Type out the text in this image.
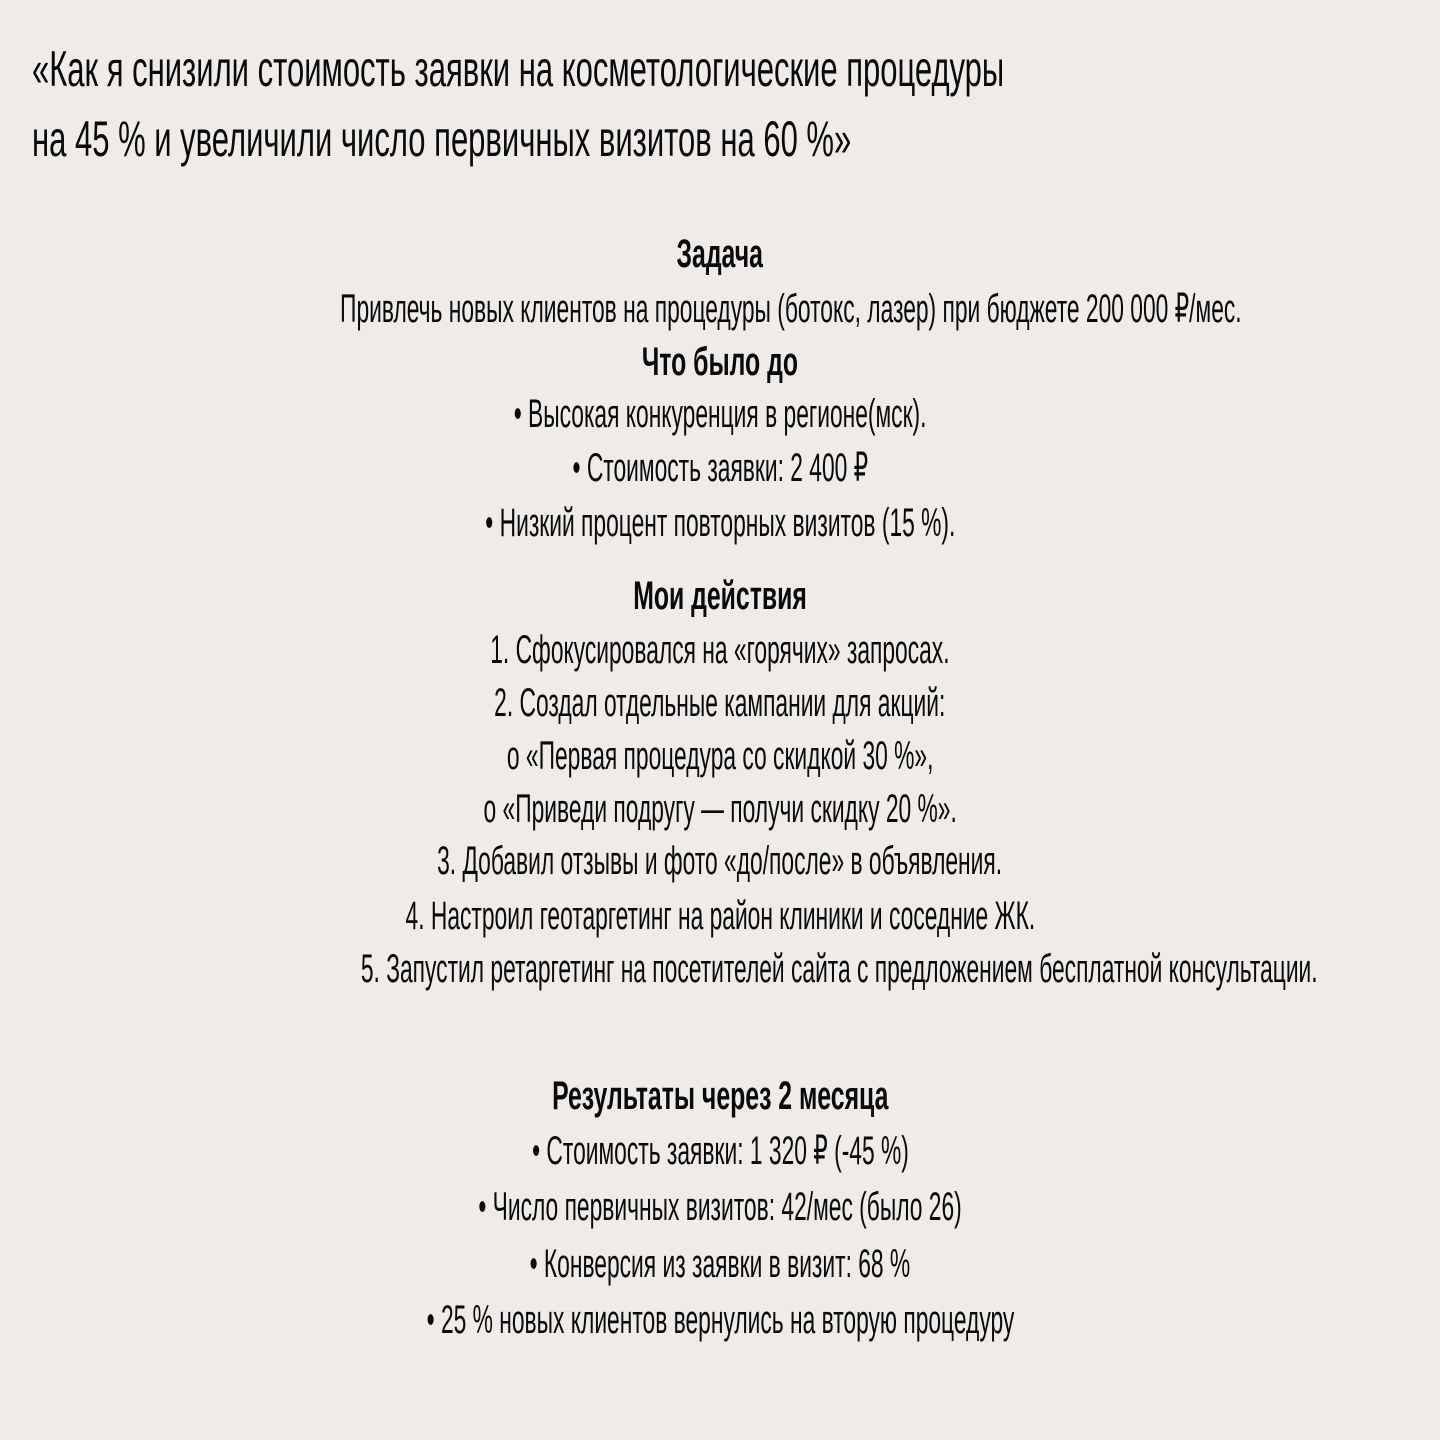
«Как я снизили стоимость заявки на косметологические процедуры
на 45 % и увеличили число первичных визитов на 60 %»
Задача
Привлечь новых клиентов на процедуры (ботокс, лазер) при бюджете 200 000 ₽/мес.
Что было до
• Высокая конкуренция в регионе(мск).
• Стоимость заявки: 2 400 ₽
• Низкий процент повторных визитов (15 %).
Мои действия
1. Сфокусировался на «горячих» запросах.
2. Создал отдельные кампании для акций:
o «Первая процедура со скидкой 30 %»,
o «Приведи подругу — получи скидку 20 %».
3. Добавил отзывы и фото «до/после» в объявления.
4. Настроил геотаргетинг на район клиники и соседние ЖК.
5. Запустил ретаргетинг на посетителей сайта с предложением бесплатной консультации.
Результаты через 2 месяца
• Стоимость заявки: 1 320 ₽ (-45 %)
• Число первичных визитов: 42/мес (было 26)
• Конверсия из заявки в визит: 68 %
• 25 % новых клиентов вернулись на вторую процедуру
